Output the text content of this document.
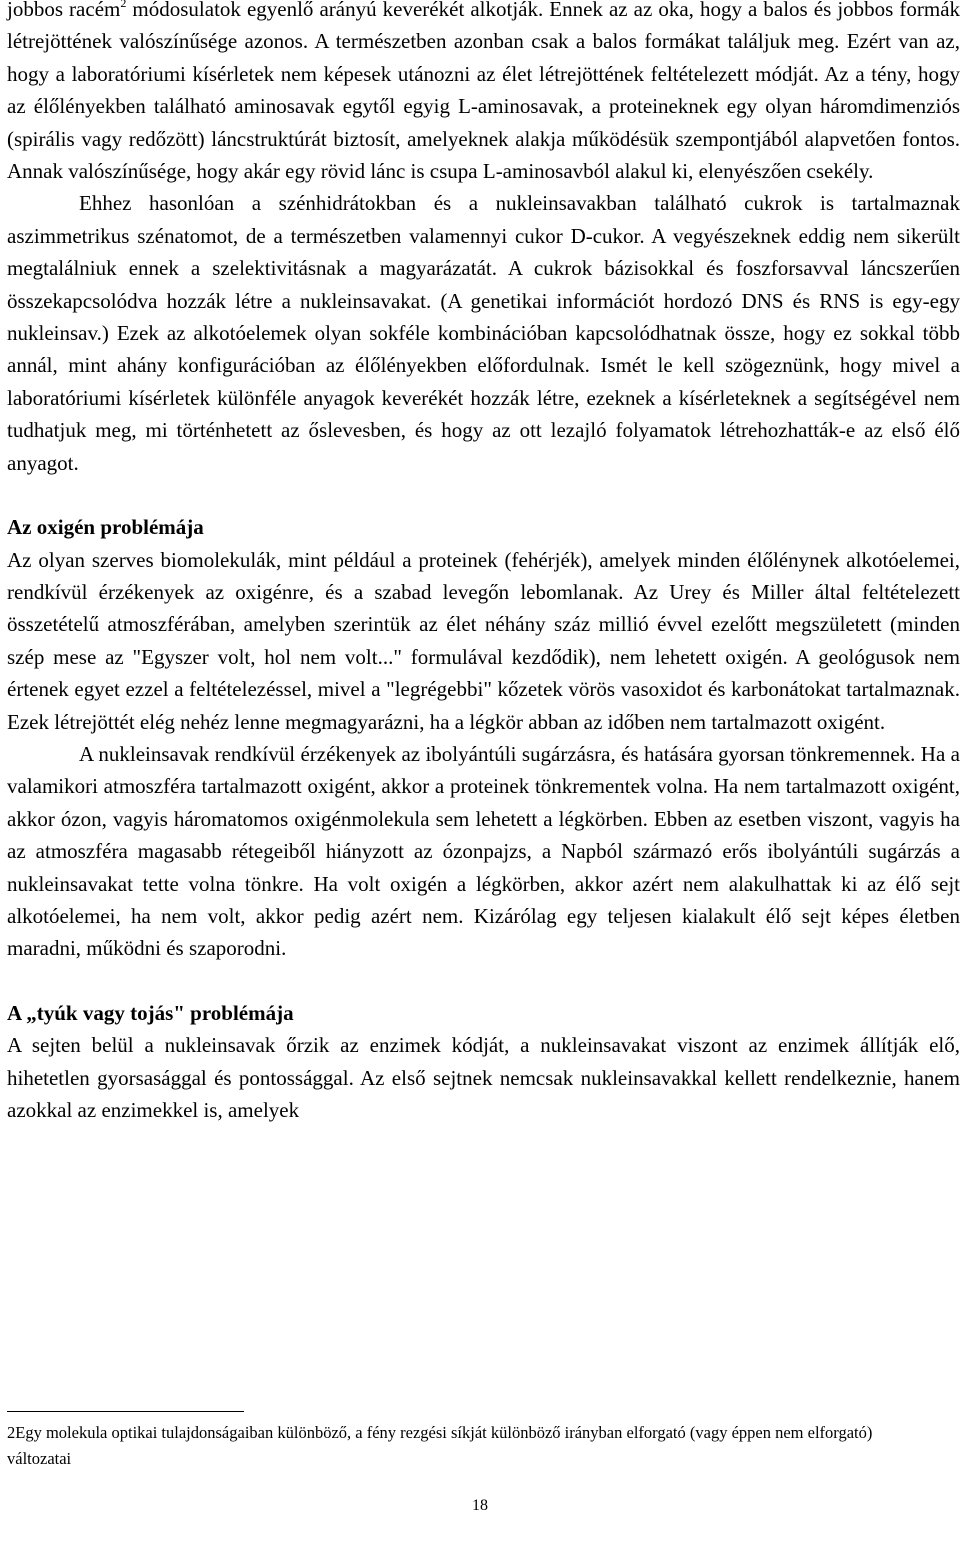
jobbos racém$^2$ módosulatok egyenlő arányú keverékét alkotják. Ennek az az oka, hogy a balos és jobbos formák létrejöttének valószínűsége azonos. A természetben azonban csak a balos formákat találjuk meg. Ezért van az, hogy a laboratóriumi kísérletek nem képesek utánozni az élet létrejöttének feltételezett módját. Az a tény, hogy az élőlényekben található aminosavak egytől egyig L-aminosavak, a proteineknek egy olyan háromdimenziós (spirális vagy redőzött) láncstruktúrát biztosít, amelyeknek alakja működésük szempontjából alapvetően fontos. Annak valószínűsége, hogy akár egy rövid lánc is csupa L-aminosavból alakul ki, elenyészően csekély.

Ehhez hasonlóan a szénhidrátokban és a nukleinsavakban található cukrok is tartalmaznak aszimmetrikus szénatomot, de a természetben valamennyi cukor D-cukor. A vegyészeknek eddig nem sikerült megtalálniuk ennek a szelektivitásnak a magyarázatát. A cukrok bázisokkal és foszforsavval láncszerűen összekapcsolódva hozzák létre a nukleinsavakat. (A genetikai információt hordozó DNS és RNS is egy-egy nukleinsav.) Ezek az alkotóelemek olyan sokféle kombinációban kapcsolódhatnak össze, hogy ez sokkal több annál, mint ahány konfigurációban az élőlényekben előfordulnak. Ismét le kell szögeznünk, hogy mivel a laboratóriumi kísérletek különféle anyagok keverékét hozzák létre, ezeknek a kísérleteknek a segítségével nem tudhatjuk meg, mi történhetett az őslevesben, és hogy az ott lezajló folyamatok létrehozhatták-e az első élő anyagot.

Az oxigén problémája

Az olyan szerves biomolekulák, mint például a proteinek (fehérjék), amelyek minden élőlénynek alkotóelemei, rendkívül érzékenyek az oxigénre, és a szabad levegőn lebomlanak. Az Urey és Miller által feltételezett összetételű atmoszférában, amelyben szerintük az élet néhány száz millió évvel ezelőtt megszületett (minden szép mese az "Egyszer volt, hol nem volt..." formulával kezdődik), nem lehetett oxigén. A geológusok nem értenek egyet ezzel a feltételezéssel, mivel a "legrégebbi" kőzetek vörös vasoxidot és karbonátokat tartalmaznak. Ezek létrejöttét elég nehéz lenne megmagyarázni, ha a légkör abban az időben nem tartalmazott oxigént.

A nukleinsavak rendkívül érzékenyek az ibolyántúli sugárzásra, és hatására gyorsan tönkremennek. Ha a valamikori atmoszféra tartalmazott oxigént, akkor a proteinek tönkrementek volna. Ha nem tartalmazott oxigént, akkor ózon, vagyis háromatomos oxigénmolekula sem lehetett a légkörben. Ebben az esetben viszont, vagyis ha az atmoszféra magasabb rétegeiből hiányzott az ózonpajzs, a Napból származó erős ibolyántúli sugárzás a nukleinsavakat tette volna tönkre. Ha volt oxigén a légkörben, akkor azért nem alakulhattak ki az élő sejt alkotóelemei, ha nem volt, akkor pedig azért nem. Kizárólag egy teljesen kialakult élő sejt képes életben maradni, működni és szaporodni.

A „tyúk vagy tojás" problémája

A sejten belül a nukleinsavak őrzik az enzimek kódját, a nukleinsavakat viszont az enzimek állítják elő, hihetetlen gyorsasággal és pontossággal. Az első sejtnek nemcsak nukleinsavakkal kellett rendelkeznie, hanem azokkal az enzimekkel is, amelyek

2Egy molekula optikai tulajdonságaiban különböző, a fény rezgési síkját különböző irányban elforgató (vagy éppen nem elforgató) változatai
18
